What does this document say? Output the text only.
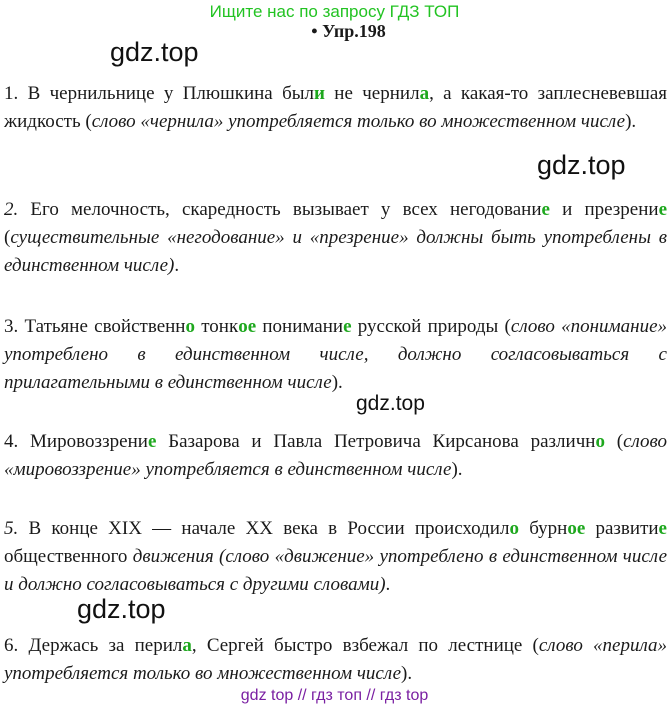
Ищите нас по запросу ГДЗ ТОП
• Упр.198

1. В чернильнице у Плюшкина были не чернила, а какая-то заплесневевшая жидкость (слово «чернила» употребляется только во множественном числе).

2. Его мелочность, скаредность вызывает у всех негодование и презрение (существительные «негодование» и «презрение» должны быть употреблены в единственном числе).

3. Татьяне свойственно тонкое понимание русской природы (слово «понимание» употреблено в единственном числе, должно согласовываться с прилагательными в единственном числе).

4. Мировоззрение Базарова и Павла Петровича Кирсанова различно (слово «мировоззрение» употребляется в единственном числе).

5. В конце XIX — начале XX века в России происходило бурное развитие общественного движения (слово «движение» употреблено в единственном числе и должно согласовываться с другими словами).

6. Держась за перила, Сергей быстро взбежал по лестнице (слово «перила» употребляется только во множественном числе).

gdz.top
gdz.top
gdz.top
gdz.top
gdz top // гдз топ // гдз top
